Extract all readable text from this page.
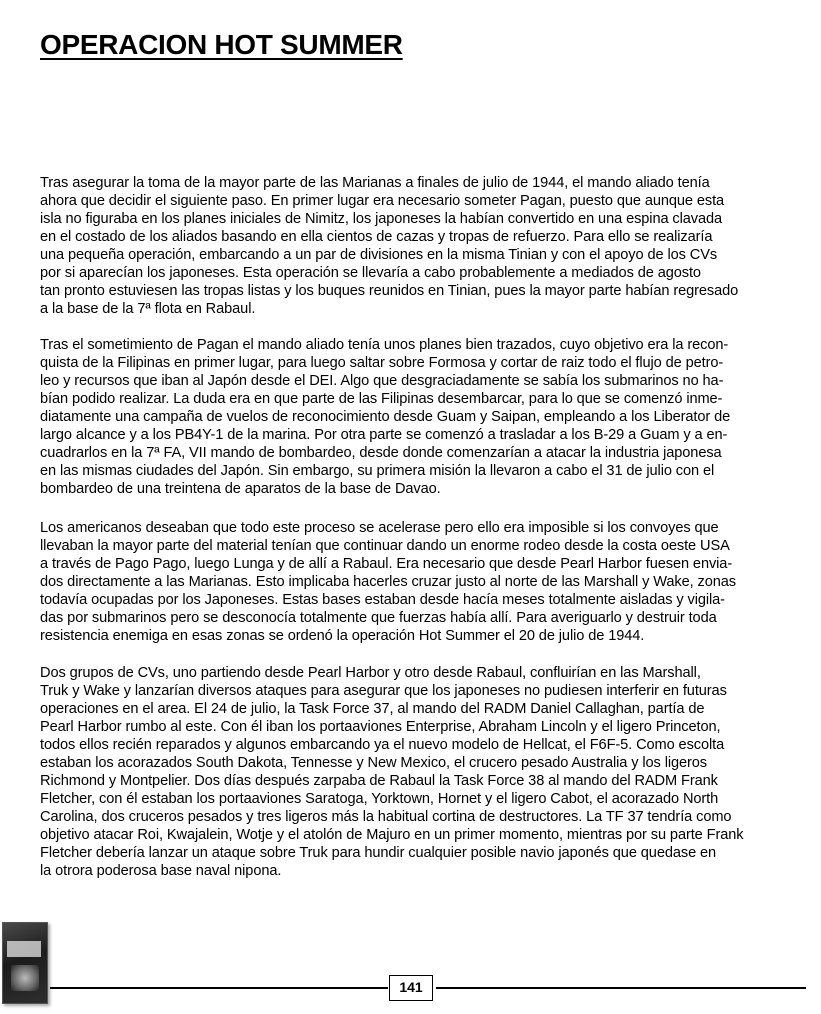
OPERACION HOT SUMMER

Tras asegurar la toma de la mayor parte de las Marianas a finales de julio de 1944, el mando aliado tenía
ahora que decidir el siguiente paso. En primer lugar era necesario someter Pagan, puesto que aunque esta
isla no figuraba en los planes iniciales de Nimitz, los japoneses la habían convertido en una espina clavada
en el costado de los aliados basando en ella cientos de cazas y tropas de refuerzo. Para ello se realizaría
una pequeña operación, embarcando a un par de divisiones en la misma Tinian y con el apoyo de los CVs
por si aparecían los japoneses. Esta operación se llevaría a cabo probablemente a mediados de agosto
tan pronto estuviesen las tropas listas y los buques reunidos en Tinian, pues la mayor parte habían regresado
a la base de la 7ª flota en Rabaul.

Tras el sometimiento de Pagan el mando aliado tenía unos planes bien trazados, cuyo objetivo era la recon-
quista de la Filipinas en primer lugar, para luego saltar sobre Formosa y cortar de raiz todo el flujo de petro-
leo y recursos que iban al Japón desde el DEI. Algo que desgraciadamente se sabía los submarinos no ha-
bían podido realizar. La duda era en que parte de las Filipinas desembarcar, para lo que se comenzó inme-
diatamente una campaña de vuelos de reconocimiento desde Guam y Saipan, empleando a los Liberator de
largo alcance y a los PB4Y-1 de la marina. Por otra parte se comenzó a trasladar a los B-29 a Guam y a en-
cuadrarlos en la 7ª FA, VII mando de bombardeo, desde donde comenzarían a atacar la industria japonesa
en las mismas ciudades del Japón. Sin embargo, su primera misión la llevaron a cabo el 31 de julio con el
bombardeo de una treintena de aparatos de la base de Davao.

Los americanos deseaban que todo este proceso se acelerase pero ello era imposible si los convoyes que
llevaban la mayor parte del material tenían que continuar dando un enorme rodeo desde la costa oeste USA
a través de Pago Pago, luego Lunga y de allí a Rabaul. Era necesario que desde Pearl Harbor fuesen envia-
dos directamente a las Marianas. Esto implicaba hacerles cruzar justo al norte de las Marshall y Wake, zonas
todavía ocupadas por los Japoneses. Estas bases estaban desde hacía meses totalmente aisladas y vigila-
das por submarinos pero se desconocía totalmente que fuerzas había allí. Para averiguarlo y destruir toda
resistencia enemiga en esas zonas se ordenó la operación Hot Summer el 20 de julio de 1944.

Dos grupos de CVs, uno partiendo desde Pearl Harbor y otro desde Rabaul, confluirían en las Marshall,
Truk y Wake y lanzarían diversos ataques para asegurar que los japoneses no pudiesen interferir en futuras
operaciones en el area. El 24 de julio, la Task Force 37, al mando del RADM Daniel Callaghan, partía de
Pearl Harbor rumbo al este. Con él iban los portaaviones Enterprise, Abraham Lincoln y el ligero Princeton,
todos ellos recién reparados y algunos embarcando ya el nuevo modelo de Hellcat, el F6F-5. Como escolta
estaban los acorazados South Dakota, Tennesse y New Mexico, el crucero pesado Australia y los ligeros
Richmond y Montpelier. Dos días después zarpaba de Rabaul la Task Force 38 al mando del RADM Frank
Fletcher, con él estaban los portaaviones Saratoga, Yorktown, Hornet y el ligero Cabot, el acorazado North
Carolina, dos cruceros pesados y tres ligeros más la habitual cortina de destructores. La TF 37 tendría como
objetivo atacar Roi, Kwajalein, Wotje y el atolón de Majuro en un primer momento, mientras por su parte Frank
Fletcher debería lanzar un ataque sobre Truk para hundir cualquier posible navio japonés que quedase en
la otrora poderosa base naval nipona.

141
